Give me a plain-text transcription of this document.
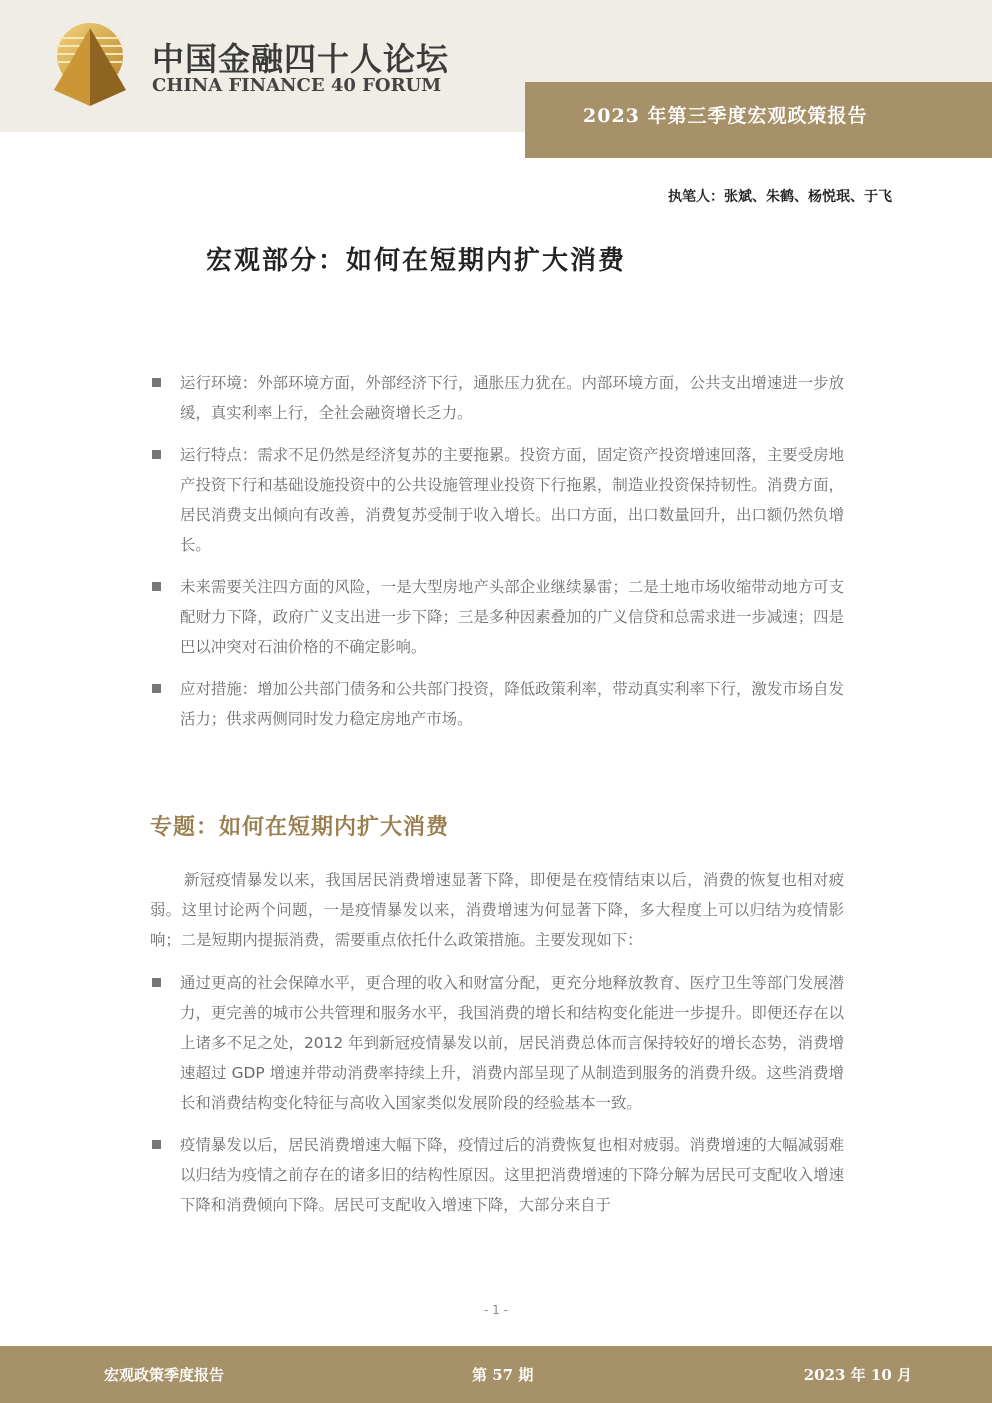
中国金融四十人论坛
CHINA FINANCE 40 FORUM
2023 年第三季度宏观政策报告
执笔人：张斌、朱鹤、杨悦珉、于飞
宏观部分：如何在短期内扩大消费
运行环境：外部环境方面，外部经济下行，通胀压力犹在。内部环境方面，公共支出增速进一步放缓，真实利率上行，全社会融资增长乏力。
运行特点：需求不足仍然是经济复苏的主要拖累。投资方面，固定资产投资增速回落，主要受房地产投资下行和基础设施投资中的公共设施管理业投资下行拖累，制造业投资保持韧性。消费方面，居民消费支出倾向有改善，消费复苏受制于收入增长。出口方面，出口数量回升，出口额仍然负增长。
未来需要关注四方面的风险，一是大型房地产头部企业继续暴雷；二是土地市场收缩带动地方可支配财力下降，政府广义支出进一步下降；三是多种因素叠加的广义信贷和总需求进一步减速；四是巴以冲突对石油价格的不确定影响。
应对措施：增加公共部门债务和公共部门投资，降低政策利率，带动真实利率下行，激发市场自发活力；供求两侧同时发力稳定房地产市场。
专题：如何在短期内扩大消费

新冠疫情暴发以来，我国居民消费增速显著下降，即便是在疫情结束以后，消费的恢复也相对疲弱。这里讨论两个问题，一是疫情暴发以来，消费增速为何显著下降，多大程度上可以归结为疫情影响；二是短期内提振消费，需要重点依托什么政策措施。主要发现如下：

通过更高的社会保障水平，更合理的收入和财富分配，更充分地释放教育、医疗卫生等部门发展潜力，更完善的城市公共管理和服务水平，我国消费的增长和结构变化能进一步提升。即便还存在以上诸多不足之处，2012 年到新冠疫情暴发以前，居民消费总体而言保持较好的增长态势，消费增速超过 GDP 增速并带动消费率持续上升，消费内部呈现了从制造到服务的消费升级。这些消费增长和消费结构变化特征与高收入国家类似发展阶段的经验基本一致。
疫情暴发以后，居民消费增速大幅下降，疫情过后的消费恢复也相对疲弱。消费增速的大幅减弱难以归结为疫情之前存在的诸多旧的结构性原因。这里把消费增速的下降分解为居民可支配收入增速下降和消费倾向下降。居民可支配收入增速下降，大部分来自于
- 1 -
宏观政策季度报告	第 57 期	2023 年 10 月
